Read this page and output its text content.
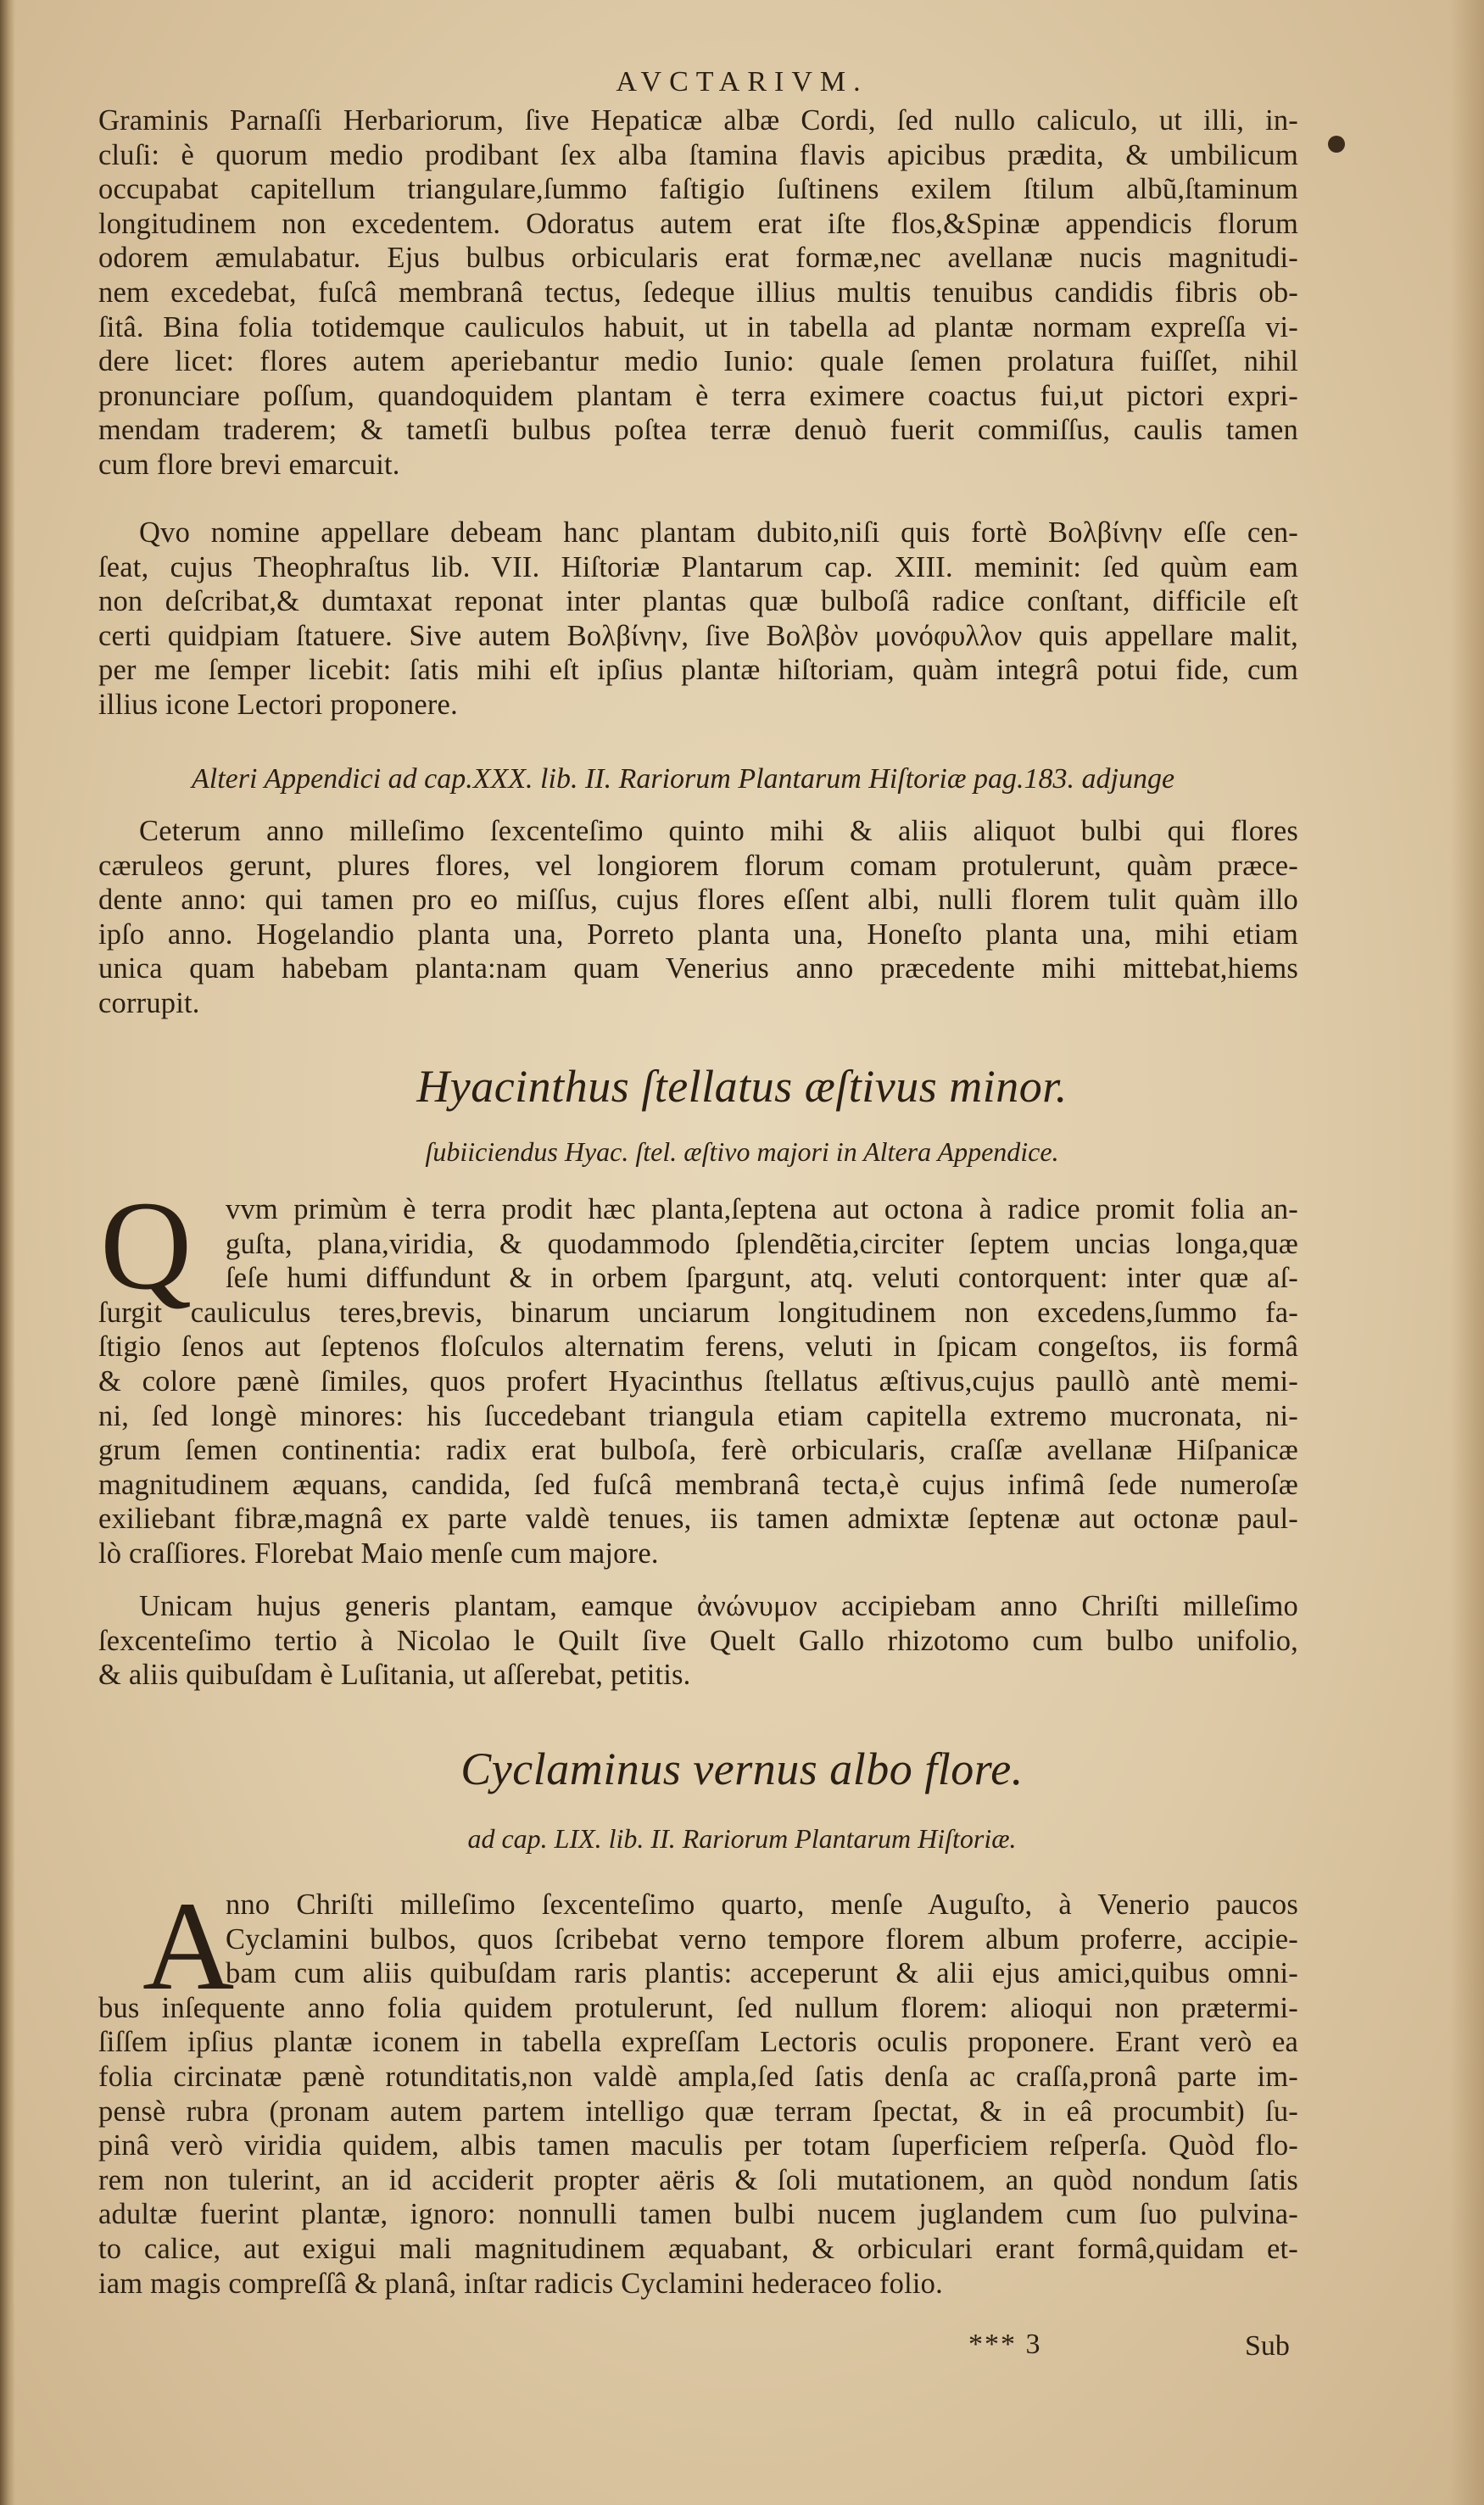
AVCTARIVM.
Graminis Parnaſſi Herbariorum, ſive Hepaticæ albæ Cordi, ſed nullo caliculo, ut illi, in-
cluſi: è quorum medio prodibant ſex alba ſtamina flavis apicibus prædita, & umbilicum
occupabat capitellum triangulare,ſummo faſtigio ſuſtinens exilem ſtilum albũ,ſtaminum
longitudinem non excedentem. Odoratus autem erat iſte flos,&Spinæ appendicis florum
odorem æmulabatur. Ejus bulbus orbicularis erat formæ,nec avellanæ nucis magnitudi-
nem excedebat, fuſcâ membranâ tectus, ſedeque illius multis tenuibus candidis fibris ob-
ſitâ. Bina folia totidemque cauliculos habuit, ut in tabella ad plantæ normam expreſſa vi-
dere licet: flores autem aperiebantur medio Iunio: quale ſemen prolatura fuiſſet, nihil
pronunciare poſſum, quandoquidem plantam è terra eximere coactus fui,ut pictori expri-
mendam traderem; & tametſi bulbus poſtea terræ denuò fuerit commiſſus, caulis tamen
cum flore brevi emarcuit.
Qvo nomine appellare debeam hanc plantam dubito,niſi quis fortè Βολβίνην eſſe cen-
ſeat, cujus Theophraſtus lib. VII. Hiſtoriæ Plantarum cap. XIII. meminit: ſed quùm eam
non deſcribat,& dumtaxat reponat inter plantas quæ bulboſâ radice conſtant, difficile eſt
certi quidpiam ſtatuere. Sive autem Βολβίνην, ſive Βολβὸν μονόφυλλον quis appellare malit,
per me ſemper licebit: ſatis mihi eſt ipſius plantæ hiſtoriam, quàm integrâ potui fide, cum
illius icone Lectori proponere.
Alteri Appendici ad cap.XXX. lib. II. Rariorum Plantarum Hiſtoriæ pag.183. adjunge
Ceterum anno milleſimo ſexcenteſimo quinto mihi & aliis aliquot bulbi qui flores
cæruleos gerunt, plures flores, vel longiorem florum comam protulerunt, quàm præce-
dente anno: qui tamen pro eo miſſus, cujus flores eſſent albi, nulli florem tulit quàm illo
ipſo anno. Hogelandio planta una, Porreto planta una, Honeſto planta una, mihi etiam
unica quam habebam planta:nam quam Venerius anno præcedente mihi mittebat,hiems
corrupit.
Hyacinthus ſtellatus æſtivus minor.
ſubiiciendus Hyac. ſtel. æſtivo majori in Altera Appendice.
Q	vvm primùm è terra prodit hæc planta,ſeptena aut octona à radice promit folia an-
guſta, plana,viridia, & quodammodo ſplendẽtia,circiter ſeptem uncias longa,quæ
ſeſe humi diffundunt & in orbem ſpargunt, atq. veluti contorquent: inter quæ aſ-
ſurgit cauliculus teres,brevis, binarum unciarum longitudinem non excedens,ſummo fa-
ſtigio ſenos aut ſeptenos floſculos alternatim ferens, veluti in ſpicam congeſtos, iis formâ
& colore pænè ſimiles, quos profert Hyacinthus ſtellatus æſtivus,cujus paullò antè memi-
ni, ſed longè minores: his ſuccedebant triangula etiam capitella extremo mucronata, ni-
grum ſemen continentia: radix erat bulboſa, ferè orbicularis, craſſæ avellanæ Hiſpanicæ
magnitudinem æquans, candida, ſed fuſcâ membranâ tecta,è cujus infimâ ſede numeroſæ
exiliebant fibræ,magnâ ex parte valdè tenues, iis tamen admixtæ ſeptenæ aut octonæ paul-
lò craſſiores. Florebat Maio menſe cum majore.
Unicam hujus generis plantam, eamque ἀνώνυμον accipiebam anno Chriſti milleſimo
ſexcenteſimo tertio à Nicolao le Quilt ſive Quelt Gallo rhizotomo cum bulbo unifolio,
& aliis quibuſdam è Luſitania, ut aſſerebat, petitis.
Cyclaminus vernus albo flore.
ad cap. LIX. lib. II. Rariorum Plantarum Hiſtoriæ.
A
nno Chriſti milleſimo ſexcenteſimo quarto, menſe Auguſto, à Venerio paucos
Cyclamini bulbos, quos ſcribebat verno tempore florem album proferre, accipie-
bam cum aliis quibuſdam raris plantis: acceperunt & alii ejus amici,quibus omni-
bus inſequente anno folia quidem protulerunt, ſed nullum florem: alioqui non prætermi-
ſiſſem ipſius plantæ iconem in tabella expreſſam Lectoris oculis proponere. Erant verò ea
folia circinatæ pænè rotunditatis,non valdè ampla,ſed ſatis denſa ac craſſa,pronâ parte im-
pensè rubra (pronam autem partem intelligo quæ terram ſpectat, & in eâ procumbit) ſu-
pinâ verò viridia quidem, albis tamen maculis per totam ſuperficiem reſperſa. Quòd flo-
rem non tulerint, an id acciderit propter aëris & ſoli mutationem, an quòd nondum ſatis
adultæ fuerint plantæ, ignoro: nonnulli tamen bulbi nucem juglandem cum ſuo pulvina-
to calice, aut exigui mali magnitudinem æquabant, & orbiculari erant formâ,quidam et-
iam magis compreſſâ & planâ, inſtar radicis Cyclamini hederaceo folio.
*** 3	Sub
